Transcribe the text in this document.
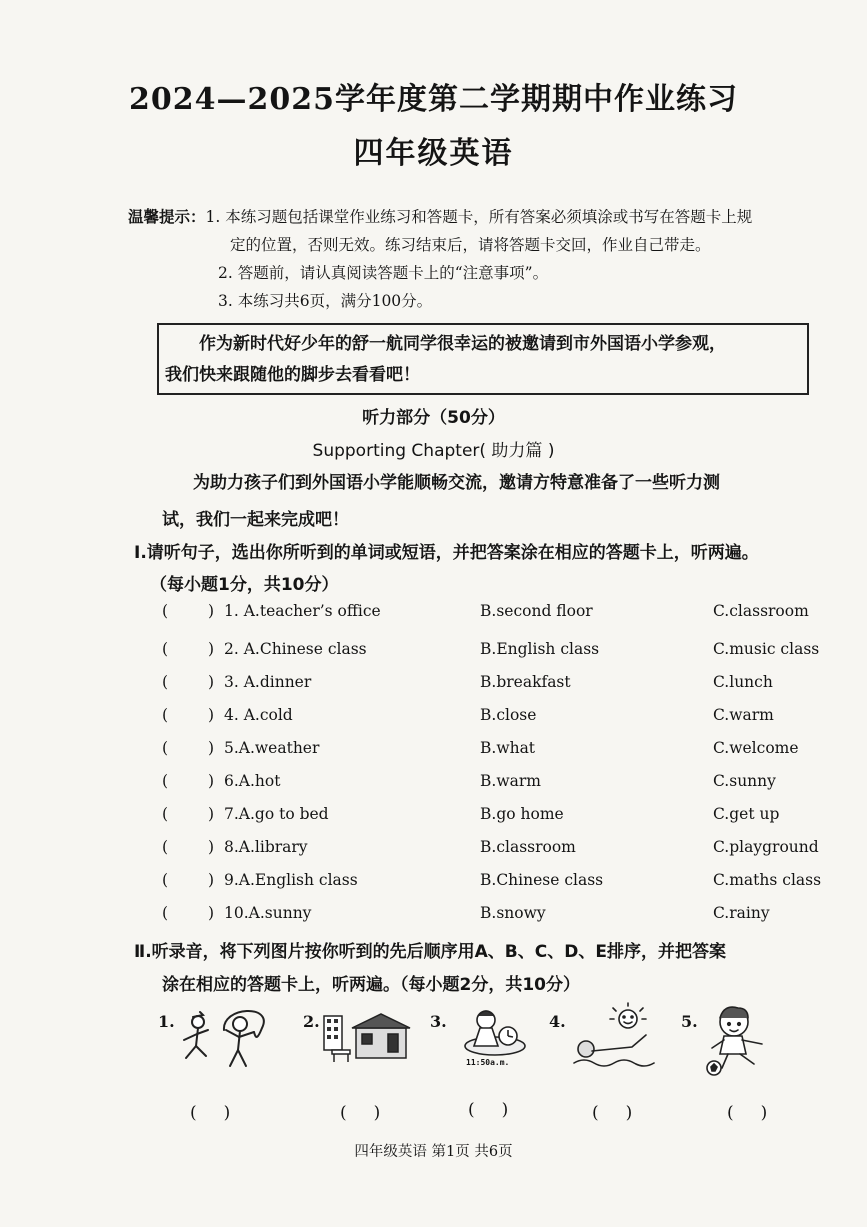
2024—2025学年度第二学期期中作业练习
四年级英语
温馨提示：1. 本练习题包括课堂作业练习和答题卡，所有答案必须填涂或书写在答题卡上规
定的位置，否则无效。练习结束后，请将答题卡交回，作业自己带走。
2. 答题前，请认真阅读答题卡上的“注意事项”。
3. 本练习共6页，满分100分。
作为新时代好少年的舒一航同学很幸运的被邀请到市外国语小学参观，
我们快来跟随他的脚步去看看吧！
听力部分（50分）
Supporting Chapter( 助力篇 )
为助力孩子们到外国语小学能顺畅交流，邀请方特意准备了一些听力测
试，我们一起来完成吧！
Ⅰ.请听句子，选出你所听到的单词或短语，并把答案涂在相应的答题卡上，听两遍。
（每小题1分，共10分）
(	) 1. A.teacher’s office	B.second floor	C.classroom
(	) 2. A.Chinese class	B.English class	C.music class
(	) 3. A.dinner	B.breakfast	C.lunch
(	) 4. A.cold	B.close	C.warm
(	) 5.A.weather	B.what	C.welcome
(	) 6.A.hot	B.warm	C.sunny
(	) 7.A.go to bed	B.go home	C.get up
(	) 8.A.library	B.classroom	C.playground
(	) 9.A.English class	B.Chinese class	C.maths class
(	) 10.A.sunny	B.snowy	C.rainy
Ⅱ.听录音，将下列图片按你听到的先后顺序用A、B、C、D、E排序，并把答案
涂在相应的答题卡上，听两遍。（每小题2分，共10分）
1.	2.	3.	4.	5.
11:50a.m.
(     )	(     )	(     )	(     )	(     )
四年级英语 第1页 共6页
